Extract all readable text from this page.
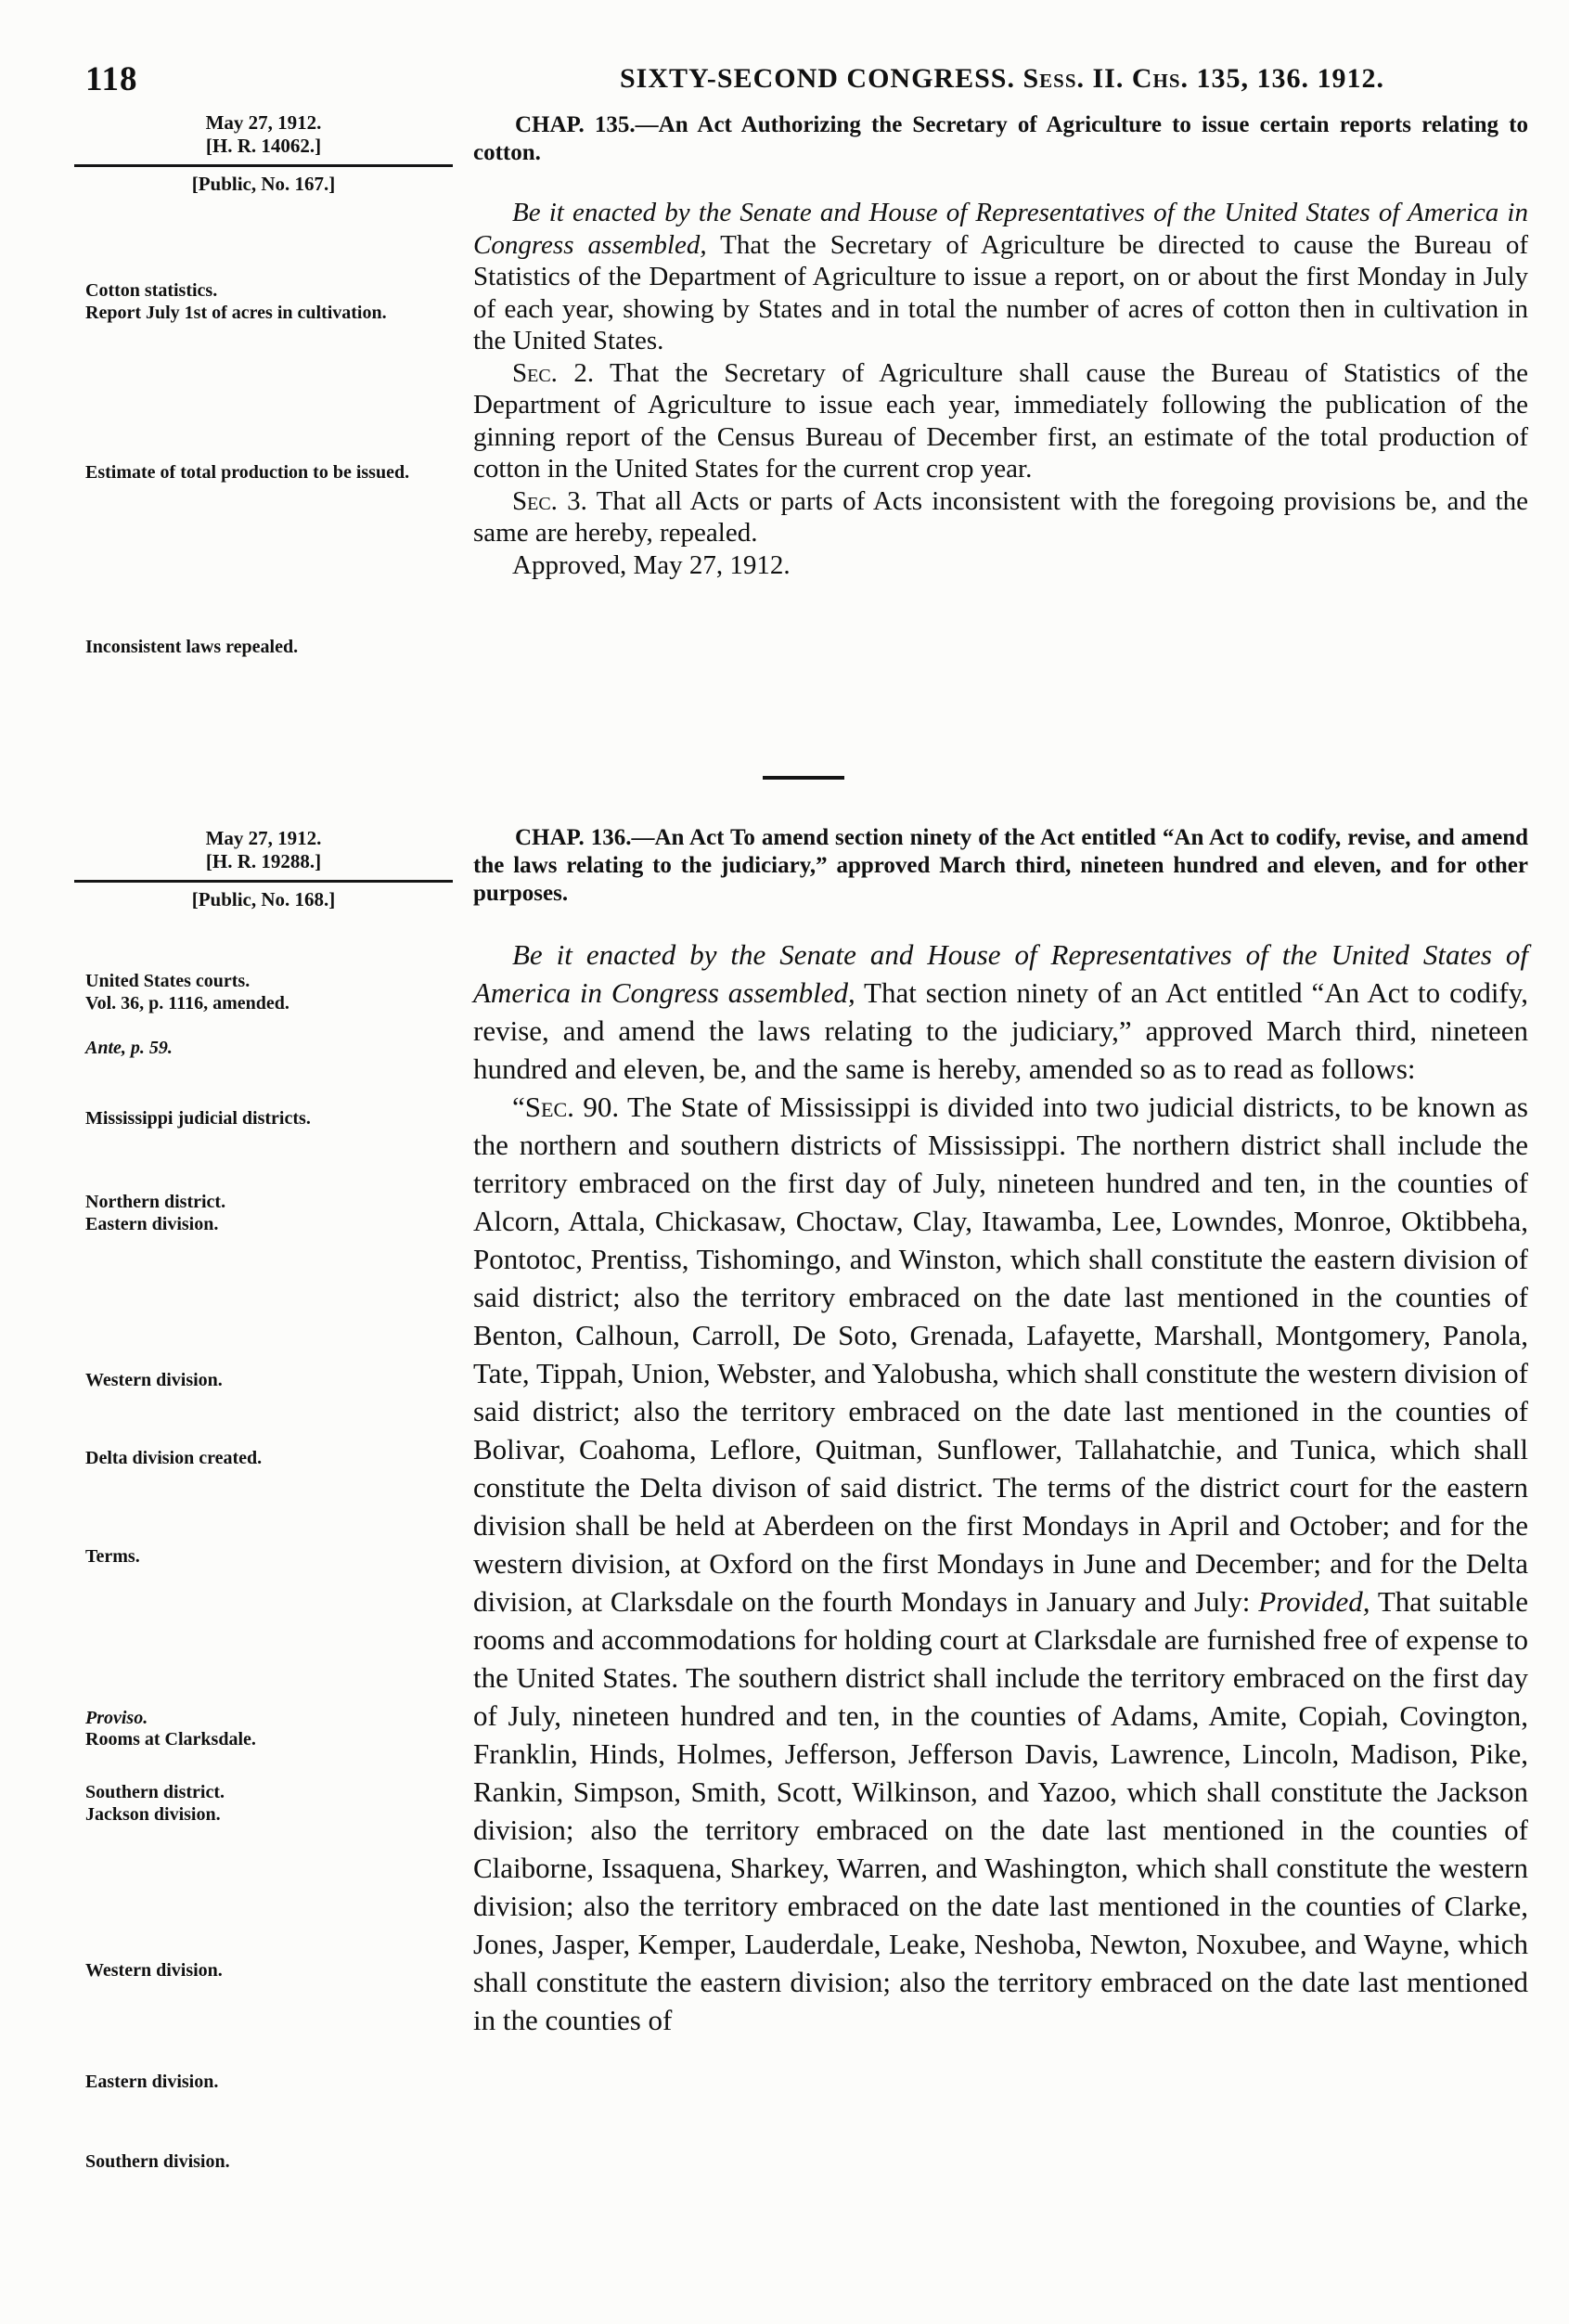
118	SIXTY-SECOND CONGRESS. Sess. II. Chs. 135, 136. 1912.
May 27, 1912.
[H. R. 14062.]
[Public, No. 167.]
Cotton statistics.
Report July 1st of acres in cultivation.
Estimate of total production to be issued.
Inconsistent laws repealed.

CHAP. 135.—An Act Authorizing the Secretary of Agriculture to issue certain reports relating to cotton.

Be it enacted by the Senate and House of Representatives of the United States of America in Congress assembled, That the Secretary of Agriculture be directed to cause the Bureau of Statistics of the Department of Agriculture to issue a report, on or about the first Monday in July of each year, showing by States and in total the number of acres of cotton then in cultivation in the United States.

Sec. 2. That the Secretary of Agriculture shall cause the Bureau of Statistics of the Department of Agriculture to issue each year, immediately following the publication of the ginning report of the Census Bureau of December first, an estimate of the total production of cotton in the United States for the current crop year.

Sec. 3. That all Acts or parts of Acts inconsistent with the foregoing provisions be, and the same are hereby, repealed.

Approved, May 27, 1912.

May 27, 1912.
[H. R. 19288.]
[Public, No. 168.]
United States courts.
Vol. 36, p. 1116, amended.
Ante, p. 59.
Mississippi judicial districts.
Northern district.
Eastern division.
Western division.
Delta division created.
Terms.
Proviso.
Rooms at Clarksdale.
Southern district.
Jackson division.
Western division.
Eastern division.
Southern division.

CHAP. 136.—An Act To amend section ninety of the Act entitled “An Act to codify, revise, and amend the laws relating to the judiciary,” approved March third, nineteen hundred and eleven, and for other purposes.

Be it enacted by the Senate and House of Representatives of the United States of America in Congress assembled, That section ninety of an Act entitled “An Act to codify, revise, and amend the laws relating to the judiciary,” approved March third, nineteen hundred and eleven, be, and the same is hereby, amended so as to read as follows:

“Sec. 90. The State of Mississippi is divided into two judicial districts, to be known as the northern and southern districts of Mississippi. The northern district shall include the territory embraced on the first day of July, nineteen hundred and ten, in the counties of Alcorn, Attala, Chickasaw, Choctaw, Clay, Itawamba, Lee, Lowndes, Monroe, Oktibbeha, Pontotoc, Prentiss, Tishomingo, and Winston, which shall constitute the eastern division of said district; also the territory embraced on the date last mentioned in the counties of Benton, Calhoun, Carroll, De Soto, Grenada, Lafayette, Marshall, Montgomery, Panola, Tate, Tippah, Union, Webster, and Yalobusha, which shall constitute the western division of said district; also the territory embraced on the date last mentioned in the counties of Bolivar, Coahoma, Leflore, Quitman, Sunflower, Tallahatchie, and Tunica, which shall constitute the Delta divison of said district. The terms of the district court for the eastern division shall be held at Aberdeen on the first Mondays in April and October; and for the western division, at Oxford on the first Mondays in June and December; and for the Delta division, at Clarksdale on the fourth Mondays in January and July: Provided, That suitable rooms and accommodations for holding court at Clarksdale are furnished free of expense to the United States. The southern district shall include the territory embraced on the first day of July, nineteen hundred and ten, in the counties of Adams, Amite, Copiah, Covington, Franklin, Hinds, Holmes, Jefferson, Jefferson Davis, Lawrence, Lincoln, Madison, Pike, Rankin, Simpson, Smith, Scott, Wilkinson, and Yazoo, which shall constitute the Jackson division; also the territory embraced on the date last mentioned in the counties of Claiborne, Issaquena, Sharkey, Warren, and Washington, which shall constitute the western division; also the territory embraced on the date last mentioned in the counties of Clarke, Jones, Jasper, Kemper, Lauderdale, Leake, Neshoba, Newton, Noxubee, and Wayne, which shall constitute the eastern division; also the territory embraced on the date last mentioned in the counties of
